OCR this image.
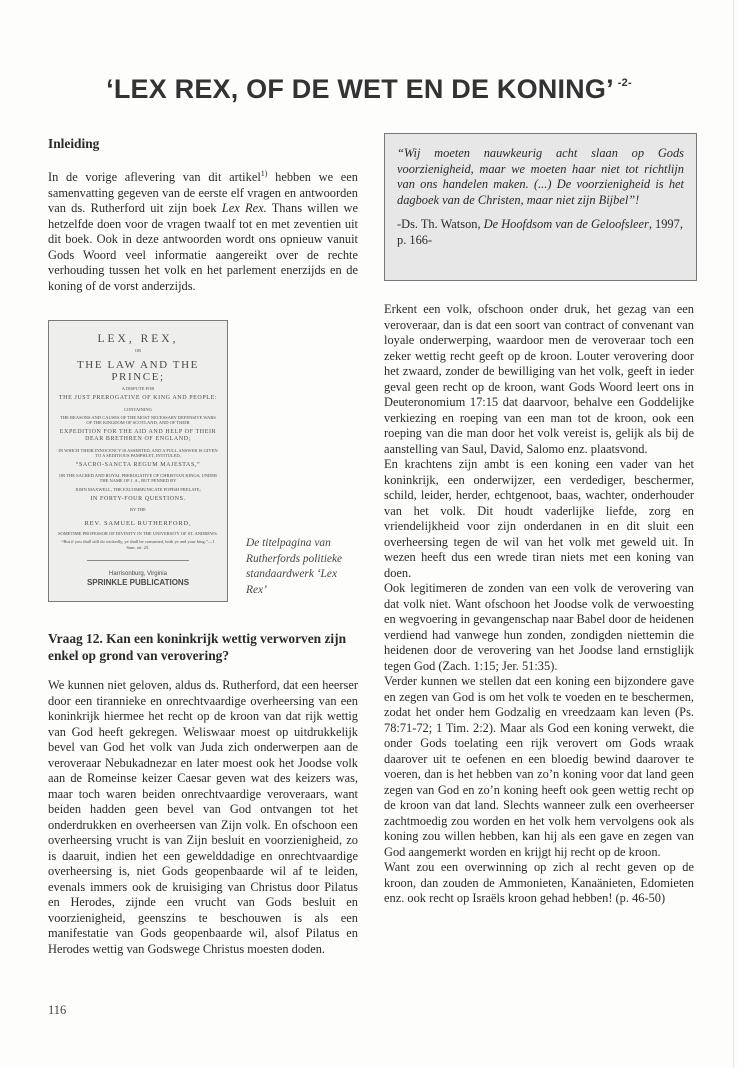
‘LEX REX, OF DE WET EN DE KONING’ $^{-2-}$

Inleiding

In de vorige aflevering van dit artikel$^{1)}$ hebben we een samenvatting gegeven van de eerste elf vragen en antwoorden van ds. Rutherford uit zijn boek Lex Rex. Thans willen we hetzelfde doen voor de vragen twaalf tot en met zeventien uit dit boek. Ook in deze antwoorden wordt ons opnieuw vanuit Gods Woord veel informatie aangereikt over de rechte verhouding tussen het volk en het parlement enerzijds en de koning of de vorst anderzijds.

LEX, REX,
OR
THE LAW AND THE PRINCE;
A DISPUTE FOR
THE JUST PREROGATIVE OF KING AND PEOPLE:
CONTAINING
THE REASONS AND CAUSES OF THE MOST NECESSARY DEFENSIVE WARS OF THE KINGDOM OF SCOTLAND, AND OF THEIR
EXPEDITION FOR THE AID AND HELP OF THEIR DEAR BRETHREN OF ENGLAND;
IN WHICH THEIR INNOCENCY IS ASSERTED, AND A FULL ANSWER IS GIVEN TO A SEDITIOUS PAMPHLET, INTITULED,
“SACRO-SANCTA REGUM MAJESTAS,”
OR THE SACRED AND ROYAL PREROGATIVE OF CHRISTIAN KINGS; UNDER THE NAME OF J. A., BUT PENNED BY
JOHN MAXWELL, THE EXCOMMUNICATE POPISH PRELATE;
IN FORTY-FOUR QUESTIONS.
BY THE
REV. SAMUEL RUTHERFORD,
SOMETIME PROFESSOR OF DIVINITY IN THE UNIVERSITY OF ST. ANDREWS.
“But if you shall still do wickedly, ye shall be consumed, both ye and your king.”—1 Sam. xii. 25.
Harrisonburg, Virginia
SPRINKLE PUBLICATIONS
De titelpagina van Rutherfords politieke standaardwerk ‘Lex Rex’

Vraag 12. Kan een koninkrijk wettig verworven zijn enkel op grond van verovering?

We kunnen niet geloven, aldus ds. Rutherford, dat een heerser door een tirannieke en onrechtvaardige overheersing van een koninkrijk hiermee het recht op de kroon van dat rijk wettig van God heeft gekregen. Weliswaar moest op uitdrukkelijk bevel van God het volk van Juda zich onderwerpen aan de veroveraar Nebukadnezar en later moest ook het Joodse volk aan de Romeinse keizer Caesar geven wat des keizers was, maar toch waren beiden onrechtvaardige veroveraars, want beiden hadden geen bevel van God ontvangen tot het onderdrukken en overheersen van Zijn volk. En ofschoon een overheersing vrucht is van Zijn besluit en voorzienigheid, zo is daaruit, indien het een gewelddadige en onrechtvaardige overheersing is, niet Gods geopenbaarde wil af te leiden, evenals immers ook de kruisiging van Christus door Pilatus en Herodes, zijnde een vrucht van Gods besluit en voorzienigheid, geenszins te beschouwen is als een manifestatie van Gods geopenbaarde wil, alsof Pilatus en Herodes wettig van Godswege Christus moesten doden.

“Wij moeten nauwkeurig acht slaan op Gods voorzienigheid, maar we moeten haar niet tot richtlijn van ons handelen maken. (...) De voorzienigheid is het dagboek van de Christen, maar niet zijn Bijbel”!

-Ds. Th. Watson, De Hoofdsom van de Geloofsleer, 1997, p. 166-

Erkent een volk, ofschoon onder druk, het gezag van een veroveraar, dan is dat een soort van contract of convenant van loyale onderwerping, waardoor men de veroveraar toch een zeker wettig recht geeft op de kroon. Louter verovering door het zwaard, zonder de bewilliging van het volk, geeft in ieder geval geen recht op de kroon, want Gods Woord leert ons in Deuteronomium 17:15 dat daarvoor, behalve een Goddelijke verkiezing en roeping van een man tot de kroon, ook een roeping van die man door het volk vereist is, gelijk als bij de aanstelling van Saul, David, Salomo enz. plaatsvond.

En krachtens zijn ambt is een koning een vader van het koninkrijk, een onderwijzer, een verdediger, beschermer, schild, leider, herder, echtgenoot, baas, wachter, onderhouder van het volk. Dit houdt vaderlijke liefde, zorg en vriendelijkheid voor zijn onderdanen in en dit sluit een overheersing tegen de wil van het volk met geweld uit. In wezen heeft dus een wrede tiran niets met een koning van doen.

Ook legitimeren de zonden van een volk de verovering van dat volk niet. Want ofschoon het Joodse volk de verwoesting en wegvoering in gevangenschap naar Babel door de heidenen verdiend had vanwege hun zonden, zondigden niettemin die heidenen door de verovering van het Joodse land ernstiglijk tegen God (Zach. 1:15; Jer. 51:35).

Verder kunnen we stellen dat een koning een bijzondere gave en zegen van God is om het volk te voeden en te beschermen, zodat het onder hem Godzalig en vreedzaam kan leven (Ps. 78:71-72; 1 Tim. 2:2). Maar als God een koning verwekt, die onder Gods toelating een rijk verovert om Gods wraak daarover uit te oefenen en een bloedig bewind daarover te voeren, dan is het hebben van zo’n koning voor dat land geen zegen van God en zo’n koning heeft ook geen wettig recht op de kroon van dat land. Slechts wanneer zulk een overheerser zachtmoedig zou worden en het volk hem vervolgens ook als koning zou willen hebben, kan hij als een gave en zegen van God aangemerkt worden en krijgt hij recht op de kroon.

Want zou een overwinning op zich al recht geven op de kroon, dan zouden de Ammonieten, Kanaänieten, Edomieten enz. ook recht op Israëls kroon gehad hebben! (p. 46-50)

116
